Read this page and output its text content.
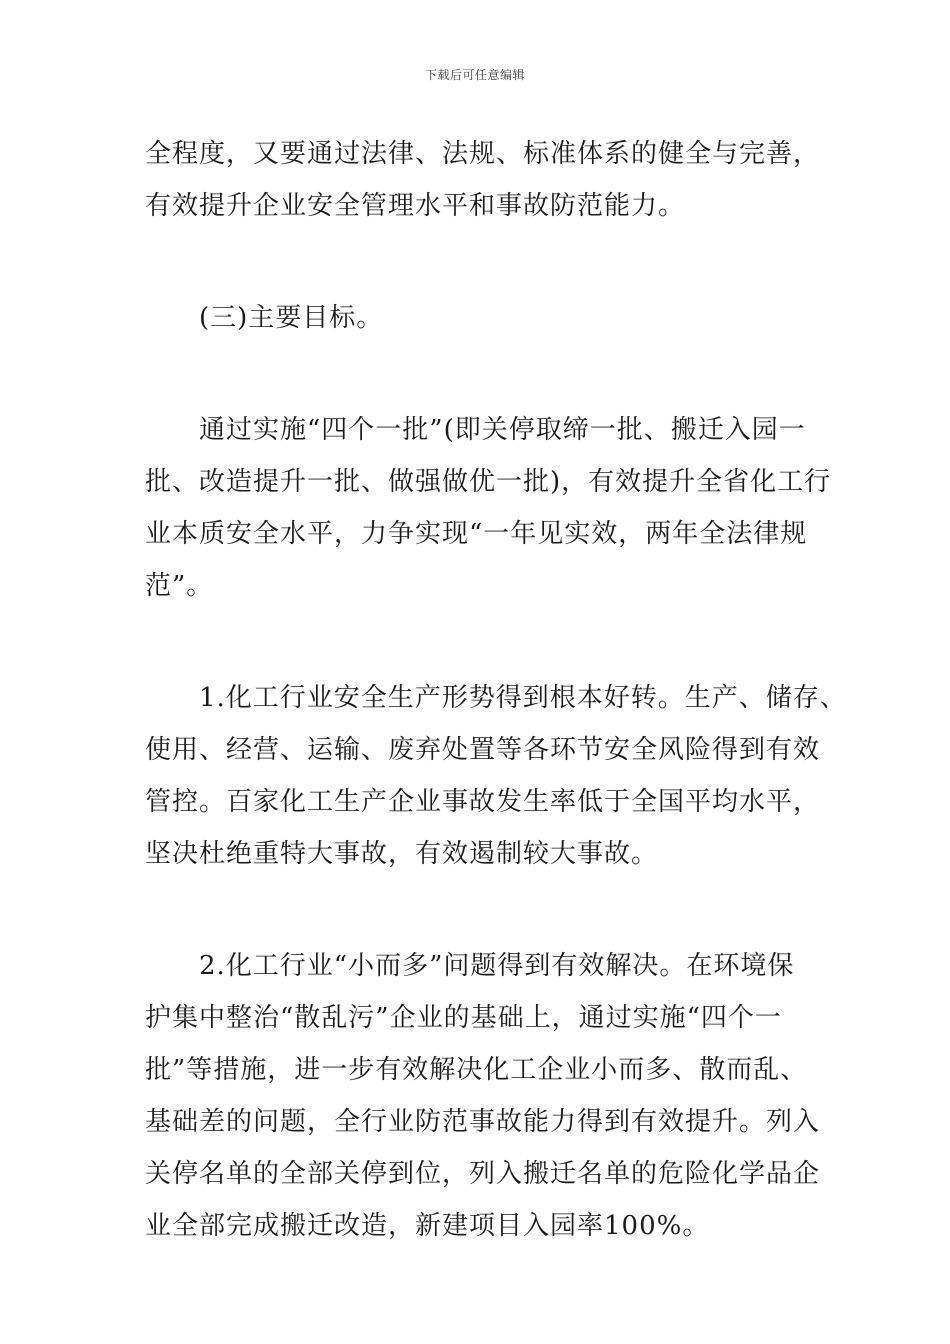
下载后可任意编辑

全程度，又要通过法律、法规、标准体系的健全与完善，
有效提升企业安全管理水平和事故防范能力。

(三)主要目标。

通过实施“四个一批”(即关停取缔一批、搬迁入园一
批、改造提升一批、做强做优一批)，有效提升全省化工行
业本质安全水平，力争实现“一年见实效，两年全法律规
范”。

1.化工行业安全生产形势得到根本好转。生产、储存、
使用、经营、运输、废弃处置等各环节安全风险得到有效
管控。百家化工生产企业事故发生率低于全国平均水平，
坚决杜绝重特大事故，有效遏制较大事故。

2.化工行业“小而多”问题得到有效解决。在环境保
护集中整治“散乱污”企业的基础上，通过实施“四个一
批”等措施，进一步有效解决化工企业小而多、散而乱、
基础差的问题，全行业防范事故能力得到有效提升。列入
关停名单的全部关停到位，列入搬迁名单的危险化学品企
业全部完成搬迁改造，新建项目入园率100%。
